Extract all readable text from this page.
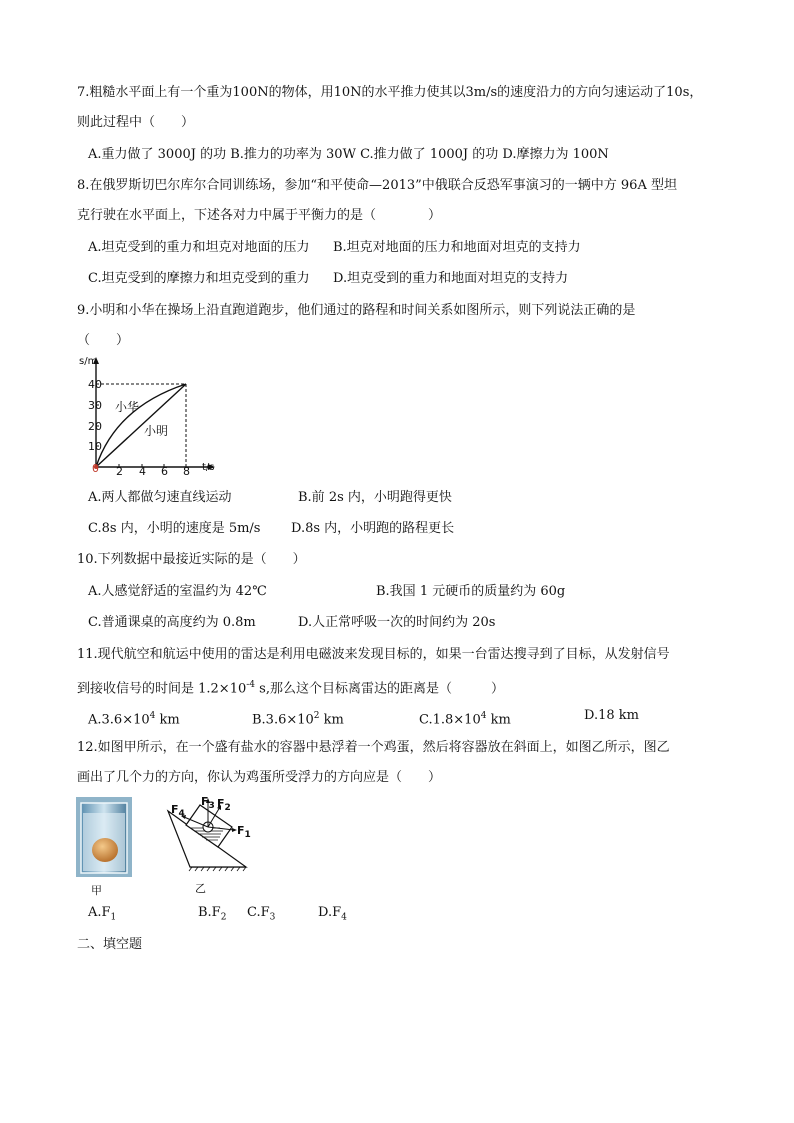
7.粗糙水平面上有一个重为100N的物体，用10N的水平推力使其以3m/s的速度沿力的方向匀速运动了10s，
则此过程中（　　）
A.重力做了 3000J 的功 B.推力的功率为 30W C.推力做了 1000J 的功 D.摩擦力为 100N
8.在俄罗斯切巴尔库尔合同训练场，参加“和平使命—2013”中俄联合反恐军事演习的一辆中方 96A 型坦
克行驶在水平面上，下述各对力中属于平衡力的是（　　　　）
A.坦克受到的重力和坦克对地面的压力 B.坦克对地面的压力和地面对坦克的支持力
C.坦克受到的摩擦力和坦克受到的重力 D.坦克受到的重力和地面对坦克的支持力
9.小明和小华在操场上沿直跑道跑步，他们通过的路程和时间关系如图所示，则下列说法正确的是
（　　）
s/m
t/s
40
30
20
10
0 2 4 6 8
小华
小明
A.两人都做匀速直线运动	B.前 2s 内，小明跑得更快
C.8s 内，小明的速度是 5m/s D.8s 内，小明跑的路程更长
10.下列数据中最接近实际的是（　　）
A.人感觉舒适的室温约为 42℃	B.我国 1 元硬币的质量约为 60g
C.普通课桌的高度约为 0.8m	D.人正常呼吸一次的时间约为 20s
11.现代航空和航运中使用的雷达是利用电磁波来发现目标的，如果一台雷达搜寻到了目标，从发射信号
到接收信号的时间是 $1.2\times 10^{-4}$ s,那么这个目标离雷达的距离是（　　　）
$A.3.6\times 10^4$ km	$B.3.6\times 10^2$ km	$C.1.8\times 10^4$ km	D.18 km
12.如图甲所示，在一个盛有盐水的容器中悬浮着一个鸡蛋，然后将容器放在斜面上，如图乙所示，图乙
画出了几个力的方向，你认为鸡蛋所受浮力的方向应是（　　）
甲
$F_4$
$F_3$ $F_2$
$F_1$
乙
$A.F_1$	$B.F_2$ $C.F_3$	$D.F_4$
二、填空题
